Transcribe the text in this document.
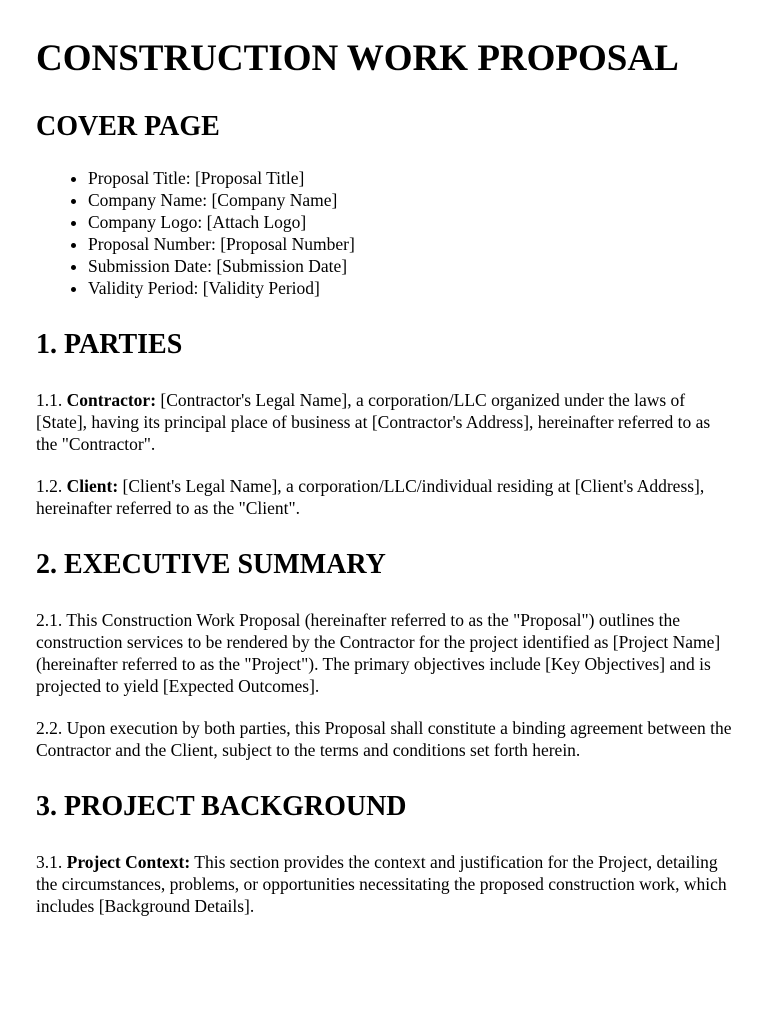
CONSTRUCTION WORK PROPOSAL
COVER PAGE
• Proposal Title: [Proposal Title]
• Company Name: [Company Name]
• Company Logo: [Attach Logo]
• Proposal Number: [Proposal Number]
• Submission Date: [Submission Date]
• Validity Period: [Validity Period]
1. PARTIES

1.1. Contractor: [Contractor's Legal Name], a corporation/LLC organized under the laws of [State], having its principal place of business at [Contractor's Address], hereinafter referred to as the "Contractor".

1.2. Client: [Client's Legal Name], a corporation/LLC/individual residing at [Client's Address], hereinafter referred to as the "Client".

2. EXECUTIVE SUMMARY

2.1. This Construction Work Proposal (hereinafter referred to as the "Proposal") outlines the construction services to be rendered by the Contractor for the project identified as [Project Name] (hereinafter referred to as the "Project"). The primary objectives include [Key Objectives] and is projected to yield [Expected Outcomes].

2.2. Upon execution by both parties, this Proposal shall constitute a binding agreement between the Contractor and the Client, subject to the terms and conditions set forth herein.

3. PROJECT BACKGROUND

3.1. Project Context: This section provides the context and justification for the Project, detailing the circumstances, problems, or opportunities necessitating the proposed construction work, which includes [Background Details].
